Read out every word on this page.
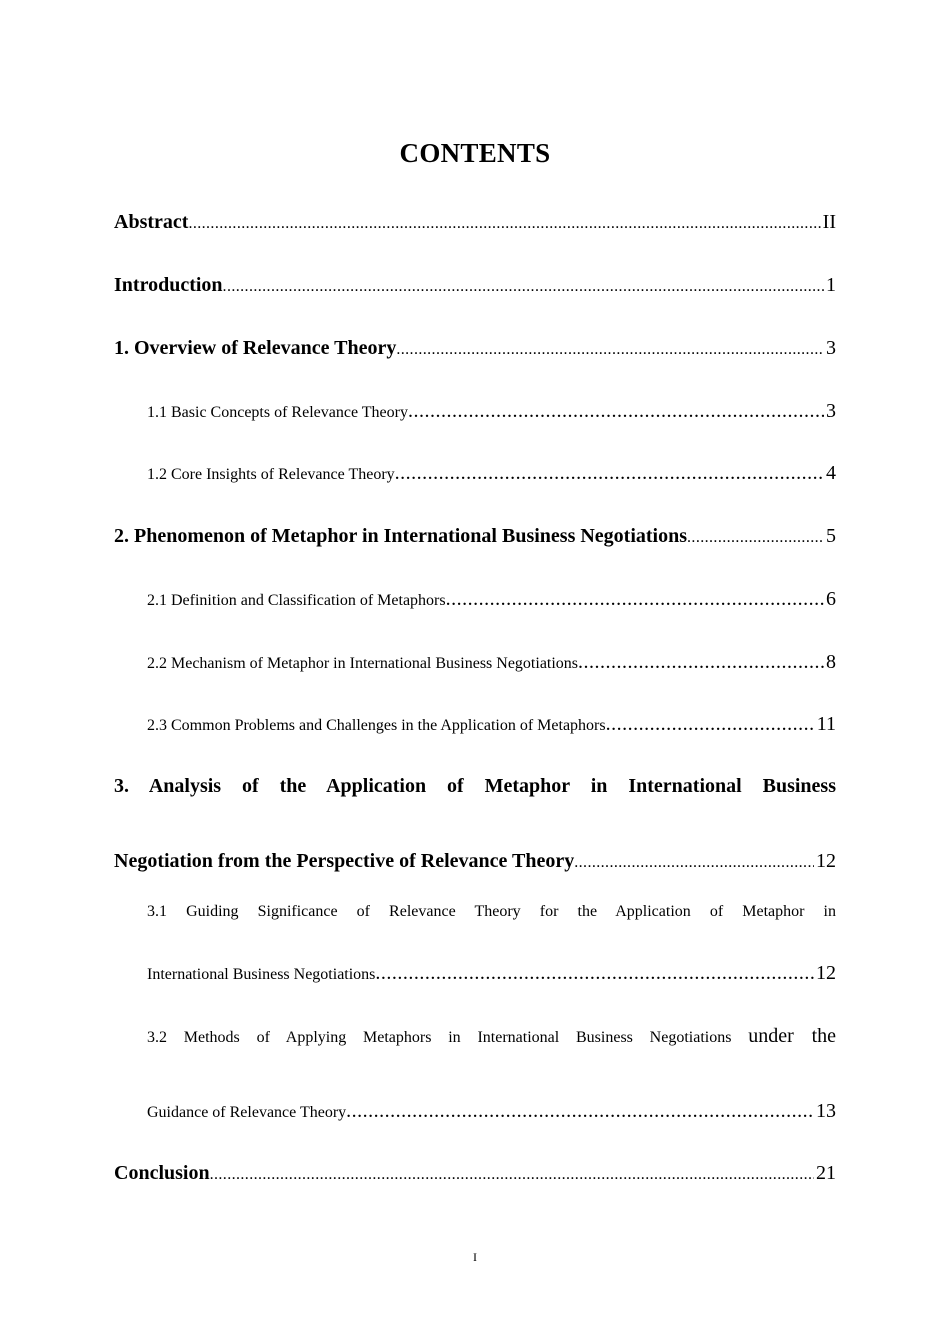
CONTENTS
Abstract .....	II
Introduction .....	1
1. Overview of Relevance Theory .....	3
1.1 Basic Concepts of Relevance Theory .....	3
1.2 Core Insights of Relevance Theory .....	4
2. Phenomenon of Metaphor in International Business Negotiations .....	5
2.1 Definition and Classification of Metaphors .....	6
2.2 Mechanism of Metaphor in International Business Negotiations .....	8
2.3 Common Problems and Challenges in the Application of Metaphors .....	11
3. Analysis of the Application of Metaphor in International Business
Negotiation from the Perspective of Relevance Theory .....	12
3.1 Guiding Significance of Relevance Theory for the Application of Metaphor in
International Business Negotiations .....	12
3.2 Methods of Applying Metaphors in International Business Negotiations under the
Guidance of Relevance Theory .....	13
Conclusion .....	21
I
